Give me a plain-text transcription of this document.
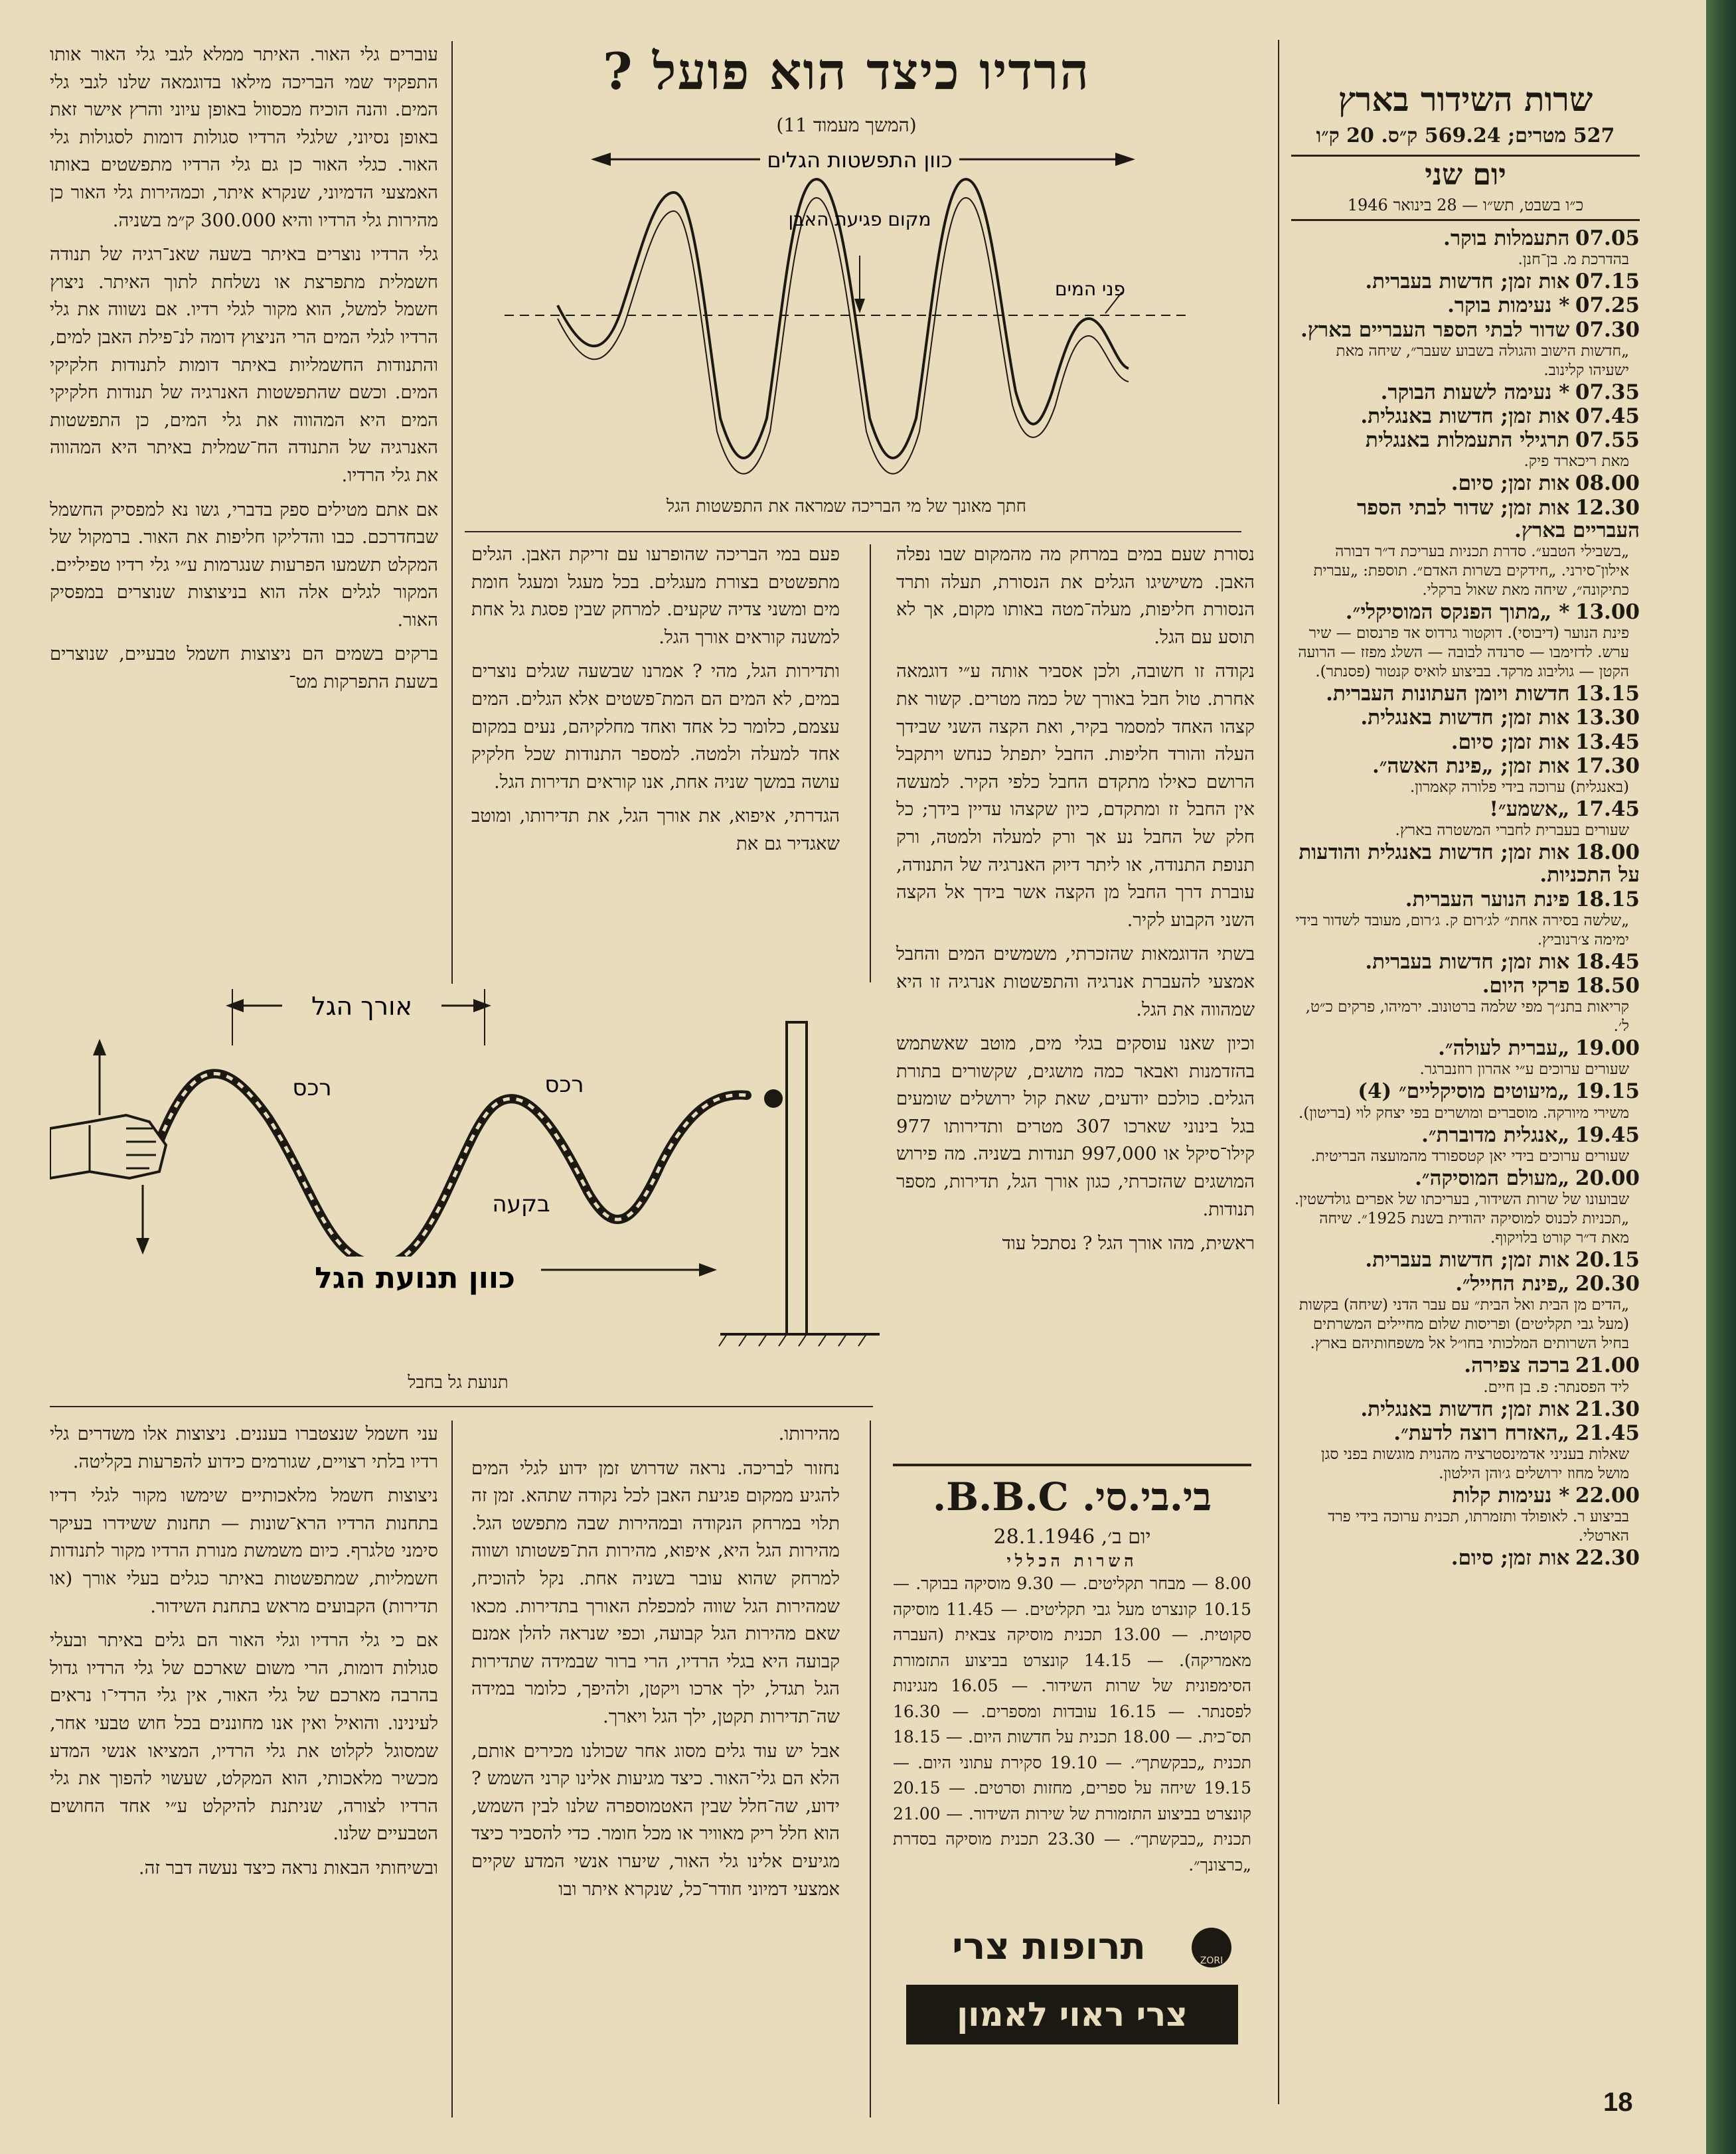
שרות השידור בארץ
527 מטרים; 569.24 ק״ס. 20 ק״ו
יום שני
כ״ו בשבט, תש״ו — 28 בינואר 1946
07.05 התעמלות בוקר.
בהדרכת מ. בן־חנן.
07.15 אות זמן; חדשות בעברית.
07.25 * נעימות בוקר.
07.30 שדור לבתי הספר העבריים בארץ.
„חדשות הישוב והגולה בשבוע שעבר״, שיחה מאת ישעיהו קלינוב.
07.35 * נעימה לשעות הבוקר.
07.45 אות זמן; חדשות באנגלית.
07.55 תרגילי התעמלות באנגלית
מאת ריכארד פיק.
08.00 אות זמן; סיום.
12.30 אות זמן; שדור לבתי הספר העבריים בארץ.
„בשבילי הטבע״. סדרת תכניות בעריכת ד״ר דבורה אילון־סירני. „חידקים בשרות האדם״. תוספת: „עברית כתיקונה״, שיחה מאת שאול ברקלי.
13.00 * „מתוך הפנקס המוסיקלי״.
פינת הנוער (דיבוסי). דוקטור גרדוס אד פרנסום — שיר ערש. לדזימבו — סרנדה לבובה — השלג מפזז — הרועה הקטן — גוליבוג מרקד. בביצוע לואיס קנטור (פסנתר).
13.15 חדשות ויומן העתונות העברית.
13.30 אות זמן; חדשות באנגלית.
13.45 אות זמן; סיום.
17.30 אות זמן; „פינת האשה״.
(באנגלית) ערוכה בידי פלורה קאמרון.
17.45 „אשמע״!
שעורים בעברית לחברי המשטרה בארץ.
18.00 אות זמן; חדשות באנגלית והודעות על התכניות.
18.15 פינת הנוער העברית.
„שלשה בסירה אחת״ לג׳רום ק. ג׳רום, מעובד לשדור בידי ימימה צ׳רנוביץ.
18.45 אות זמן; חדשות בעברית.
18.50 פרקי היום.
קריאות בתנ״ך מפי שלמה ברטונוב. ירמיהו, פרקים כ״ט, ל׳.
19.00 „עברית לעולה״.
שעורים ערוכים ע״י אהרון רוזנברגר.
19.15 „מיעוטים מוסיקליים״ (4)
משירי מיורקה. מוסברים ומושרים בפי יצחק לוי (בריטון).
19.45 „אנגלית מדוברת״.
שעורים ערוכים בידי יאן קטספורד מהמועצה הבריטית.
20.00 „מעולם המוסיקה״.
שבועונו של שרות השידור, בעריכתו של אפרים גולדשטין. „תכניות לכנוס למוסיקה יהודית בשנת 1925״. שיחה מאת ד״ר קורט בלויקוף.
20.15 אות זמן; חדשות בעברית.
20.30 „פינת החייל״.
„הדים מן הבית ואל הבית״ עם עבר הדני (שיחה) בקשות (מעל גבי תקליטים) ופריסות שלום מחיילים המשרתים בחיל השרותים המלכותי בחו״ל אל משפחותיהם בארץ.
21.00 ברכה צפירה.
ליד הפסנתר: פ. בן חיים.
21.30 אות זמן; חדשות באנגלית.
21.45 „האזרח רוצה לדעת״.
שאלות בעניני אדמינסטרציה מהנוית מוגשות בפני סגן מושל מחוז ירושלים ג׳והן הילטון.
22.00 * נעימות קלות
בביצוע ר. לאופולד ותזמרתו, תכנית ערוכה בידי פרד הארטלי.
22.30 אות זמן; סיום.
הרדיו כיצד הוא פועל ?
(המשך מעמוד 11)
כוון התפשטות הגלים
מקום פגיעת האבן
פני המים
חתך מאונך של מי הבריכה שמראה את התפשטות הגל

נסורת שעם במים במרחק מה מהמקום שבו נפלה האבן. משישיגו הגלים את הנסורת, תעלה ותרד הנסורת חליפות, מעלה־מטה באותו מקום, אך לא תוסע עם הגל.

נקודה זו חשובה, ולכן אסביר אותה ע״י דוגמאה אחרת. טול חבל באורך של כמה מטרים. קשור את קצהו האחד למסמר בקיר, ואת הקצה השני שבידך העלה והורד חליפות. החבל יתפתל כנחש ויתקבל הרושם כאילו מתקדם החבל כלפי הקיר. למעשה אין החבל זז ומתקדם, כיון שקצהו עדיין בידך; כל חלק של החבל נע אך ורק למעלה ולמטה, ורק תנופת התנודה, או ליתר דיוק האנרגיה של התנודה, עוברת דרך החבל מן הקצה אשר בידך אל הקצה השני הקבוע לקיר.

בשתי הדוגמאות שהזכרתי, משמשים המים והחבל אמצעי להעברת אנרגיה והתפשטות אנרגיה זו היא שמהווה את הגל.

וכיון שאנו עוסקים בגלי מים, מוטב שאשתמש בהזדמנות ואבאר כמה מושגים, שקשורים בתורת הגלים. כולכם יודעים, שאת קול ירושלים שומעים בגל בינוני שארכו 307 מטרים ותדירותו 977 קילו־סיקל או 997,000 תנודות בשניה. מה פירוש המושגים שהזכרתי, כגון אורך הגל, תדירות, מספר תנודות.

ראשית, מהו אורך הגל ? נסתכל עוד

פעם במי הבריכה שהופרעו עם זריקת האבן. הגלים מתפשטים בצורת מעגלים. בכל מעגל ומעגל חומת מים ומשני צדיה שקעים. למרחק שבין פסגת גל אחת למשנה קוראים אורך הגל.

ותדירות הגל, מהי ? אמרנו שבשעה שגלים נוצרים במים, לא המים הם המת־פשטים אלא הגלים. המים עצמם, כלומר כל אחד ואחד מחלקיהם, נעים במקום אחד למעלה ולמטה. למספר התנודות שכל חלקיק עושה במשך שניה אחת, אנו קוראים תדירות הגל.

הגדרתי, איפוא, את אורך הגל, את תדירותו, ומוטב שאגדיר גם את

עוברים גלי האור. האיתר ממלא לגבי גלי האור אותו התפקיד שמי הבריכה מילאו בדוגמאה שלנו לגבי גלי המים. והנה הוכיח מכסוול באופן עיוני והרץ אישר זאת באופן נסיוני, שלגלי הרדיו סגולות דומות לסגולות גלי האור. כגלי האור כן גם גלי הרדיו מתפשטים באותו האמצעי הדמיוני, שנקרא איתר, וכמהירות גלי האור כן מהירות גלי הרדיו והיא 300.000 ק״מ בשניה.

גלי הרדיו נוצרים באיתר בשעה שאנ־רגיה של תנודה חשמלית מתפרצת או נשלחת לתוך האיתר. ניצוץ חשמל למשל, הוא מקור לגלי רדיו. אם נשווה את גלי הרדיו לגלי המים הרי הניצוץ דומה לנ־פילת האבן למים, והתנודות החשמליות באיתר דומות לתנודות חלקיקי המים. וכשם שהתפשטות האנרגיה של תנודות חלקיקי המים היא המהווה את גלי המים, כן התפשטות האנרגיה של התנודה הח־שמלית באיתר היא המהווה את גלי הרדיו.

אם אתם מטילים ספק בדברי, גשו נא למפסיק החשמל שבחדרכם. כבו והדליקו חליפות את האור. ברמקול של המקלט תשמעו הפרעות שנגרמות ע״י גלי רדיו טפיליים. המקור לגלים אלה הוא בניצוצות שנוצרים במפסיק האור.

ברקים בשמים הם ניצוצות חשמל טבעיים, שנוצרים בשעת התפרקות מט־

אורך הגל
רכס	רכס
בקעה
כוון תנועת הגל
תנועת גל בחבל

עני חשמל שנצטברו בעננים. ניצוצות אלו משדרים גלי רדיו בלתי רצויים, שגורמים כידוע להפרעות בקליטה.

ניצוצות חשמל מלאכותיים שימשו מקור לגלי רדיו בתחנות הרדיו הרא־שונות — תחנות ששידרו בעיקר סימני טלגרף. כיום משמשת מנורת הרדיו מקור לתנודות חשמליות, שמתפשטות באיתר כגלים בעלי אורך (או תדירות) הקבועים מראש בתחנת השידור.

אם כי גלי הרדיו וגלי האור הם גלים באיתר ובעלי סגולות דומות, הרי משום שארכם של גלי הרדיו גדול בהרבה מארכם של גלי האור, אין גלי הרדי־ו נראים לעינינו. והואיל ואין אנו מחוננים בכל חוש טבעי אחר, שמסוגל לקלוט את גלי הרדיו, המציאו אנשי המדע מכשיר מלאכותי, הוא המקלט, שעשוי להפוך את גלי הרדיו לצורה, שניתנת להיקלט ע״י אחד החושים הטבעיים שלנו.

ובשיחותי הבאות נראה כיצד נעשה דבר זה.

מהירותו.

נחזור לבריכה. נראה שדרוש זמן ידוע לגלי המים להגיע ממקום פגיעת האבן לכל נקודה שתהא. זמן זה תלוי במרחק הנקודה ובמהירות שבה מתפשט הגל. מהירות הגל היא, איפוא, מהירות הת־פשטותו ושווה למרחק שהוא עובר בשניה אחת. נקל להוכיח, שמהירות הגל שווה למכפלת האורך בתדירות. מכאו שאם מהירות הגל קבועה, וכפי שנראה להלן אמנם קבועה היא בגלי הרדיו, הרי ברור שבמידה שתדירות הגל תגדל, ילך ארכו ויקטן, ולהיפך, כלומר במידה שה־תדירות תקטן, ילך הגל ויארך.

אבל יש עוד גלים מסוג אחר שכולנו מכירים אותם, הלא הם גלי־האור. כיצד מגיעות אלינו קרני השמש ? ידוע, שה־חלל שבין האטמוספרה שלנו לבין השמש, הוא חלל ריק מאוויר או מכל חומר. כדי להסביר כיצד מגיעים אלינו גלי האור, שיערו אנשי המדע שקיים אמצעי דמיוני חודר־כל, שנקרא איתר ובו

בי.בי.סי. B.B.C.
יום ב׳, 28.1.1946
השרות הכללי
8.00 — מבחר תקליטים. — 9.30 מוסיקה בבוקר. — 10.15 קונצרט מעל גבי תקליטים. — 11.45 מוסיקה סקוטית. — 13.00 תכנית מוסיקה צבאית (העברה מאמריקה). — 14.15 קונצרט בביצוע התזמורת הסימפונית של שרות השידור. — 16.05 מנגינות לפסנתר. — 16.15 עובדות ומספרים. — 16.30 תס־כית. — 18.00 תכנית על חדשות היום. — 18.15 תכנית „כבקשתך״. — 19.10 סקירת עתוני היום. — 19.15 שיחה על ספרים, מחזות וסרטים. — 20.15 קונצרט בביצוע התזמורת של שירות השידור. — 21.00 תכנית „כבקשתך״. — 23.30 תכנית מוסיקה בסדרת „כרצונך״.
תרופות צרי	ZORI
צרי ראוי לאמון
18
